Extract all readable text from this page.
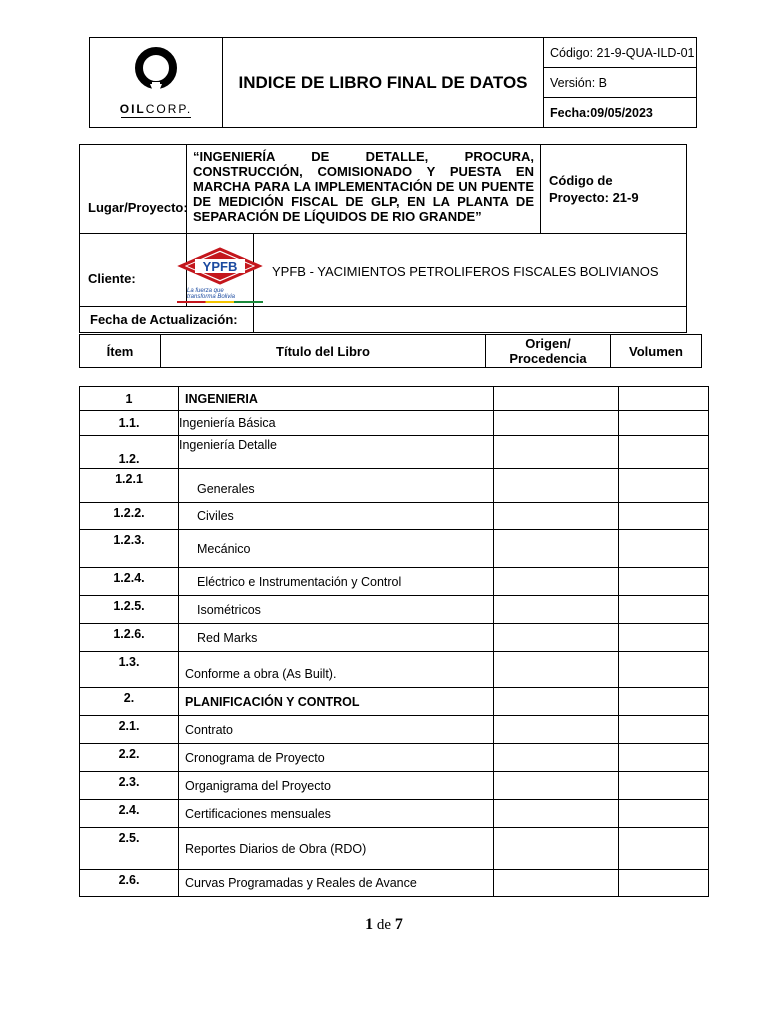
OILCORP.
	INDICE DE LIBRO FINAL DE DATOS	Código: 21-9-QUA-ILD-01
Versión: B
Fecha:09/05/2023
Lugar/Proyecto:	“INGENIERÍA DE DETALLE, PROCURA, CONSTRUCCIÓN, COMISIONADO Y PUESTA EN MARCHA PARA LA IMPLEMENTACIÓN DE UN PUENTE DE MEDICIÓN FISCAL DE GLP, EN LA PLANTA DE SEPARACIÓN DE LÍQUIDOS DE RIO GRANDE”		Código de
Proyecto: 21-9

Cliente:	YPFB
La fuerza que transforma Bolivia	YPFB - YACIMIENTOS PETROLIFEROS FISCALES BOLIVIANOS	
Fecha de Actualización:			
Ítem	Título del Libro	Origen/ Procedencia	Volumen
1	INGENIERIA		
1.1.	Ingeniería Básica		
1.2.	Ingeniería Detalle		
1.2.1	Generales		
1.2.2.	Civiles		
1.2.3.	Mecánico		
1.2.4.	Eléctrico e Instrumentación y Control		
1.2.5.	Isométricos		
1.2.6.	Red Marks		
1.3.	Conforme a obra (As Built).		
2.	PLANIFICACIÓN Y CONTROL		
2.1.	Contrato		
2.2.	Cronograma de Proyecto		
2.3.	Organigrama del Proyecto		
2.4.	Certificaciones mensuales		
2.5.	Reportes Diarios de Obra (RDO)		
2.6.	Curvas Programadas y Reales de Avance		
1 de 7
